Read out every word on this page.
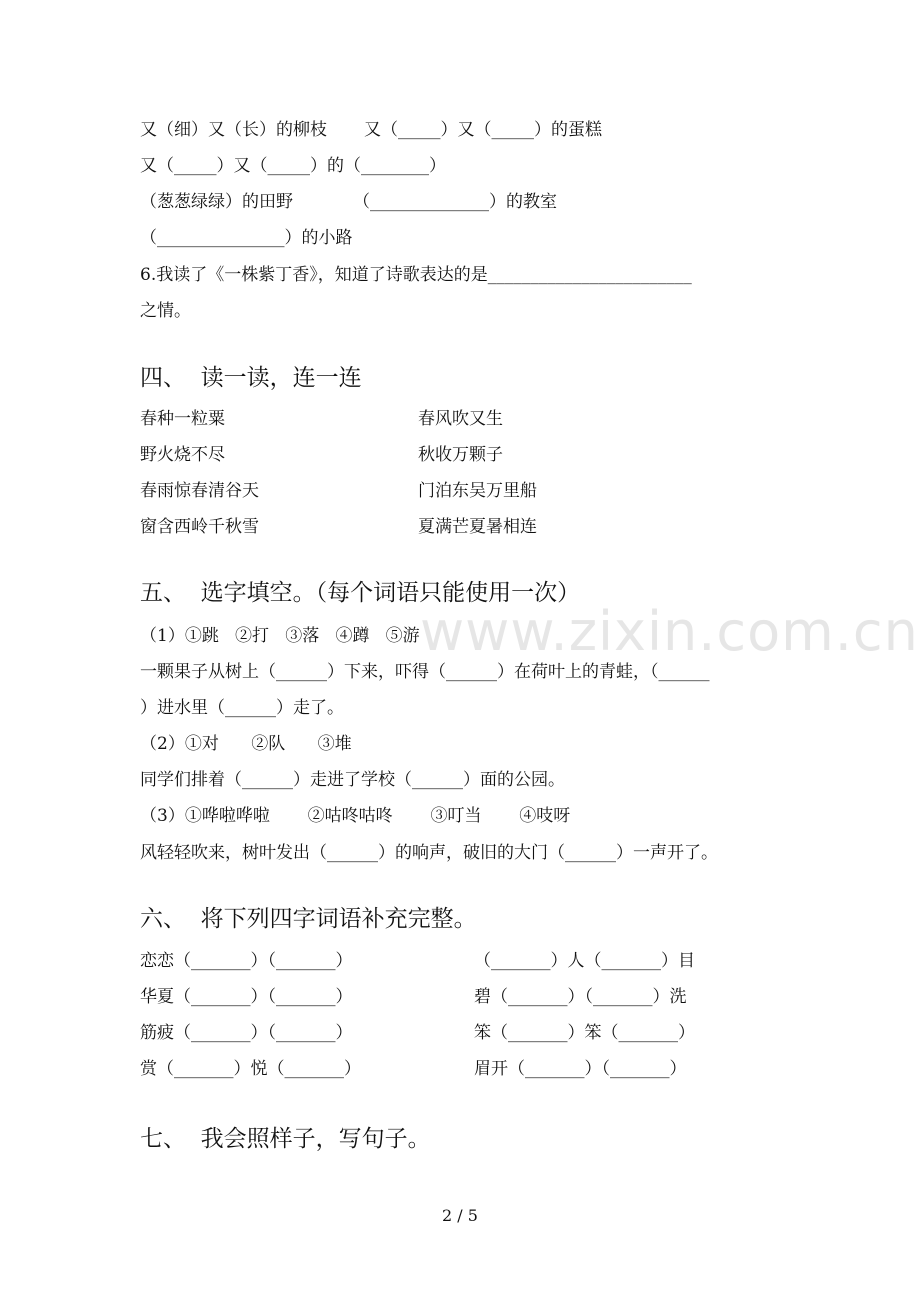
www.zixin.com.cn
又（细）又（长）的柳枝 又（_____）又（_____）的蛋糕
又（_____）又（_____）的（________）
（葱葱绿绿）的田野	（______________）的教室
（_______________）的小路
6.我读了《一株紫丁香》，知道了诗歌表达的是________________________
之情。
四、  读一读，连一连
春种一粒粟
野火烧不尽
春雨惊春清谷天
窗含西岭千秋雪
春风吹又生
秋收万颗子
门泊东吴万里船
夏满芒夏暑相连
五、  选字填空。（每个词语只能使用一次）
（1）①跳   ②打   ③落   ④蹲   ⑤游
一颗果子从树上（______）下来，吓得（______）在荷叶上的青蛙，（______
）进水里（______）走了。
（2）①对      ②队      ③堆
同学们排着（______）走进了学校（______）面的公园。
（3）①哗啦哗啦       ②咕咚咕咚       ③叮当       ④吱呀
风轻轻吹来，树叶发出（______）的响声，破旧的大门（______）一声开了。
六、  将下列四字词语补充完整。
恋恋（_______）（_______）
华夏（_______）（_______）
筋疲（_______）（_______）
赏（_______）悦（_______）
（_______）人（_______）目
碧（_______）（_______）洗
笨（_______）笨（_______）
眉开（_______）（_______）
七、  我会照样子，写句子。
2 / 5
